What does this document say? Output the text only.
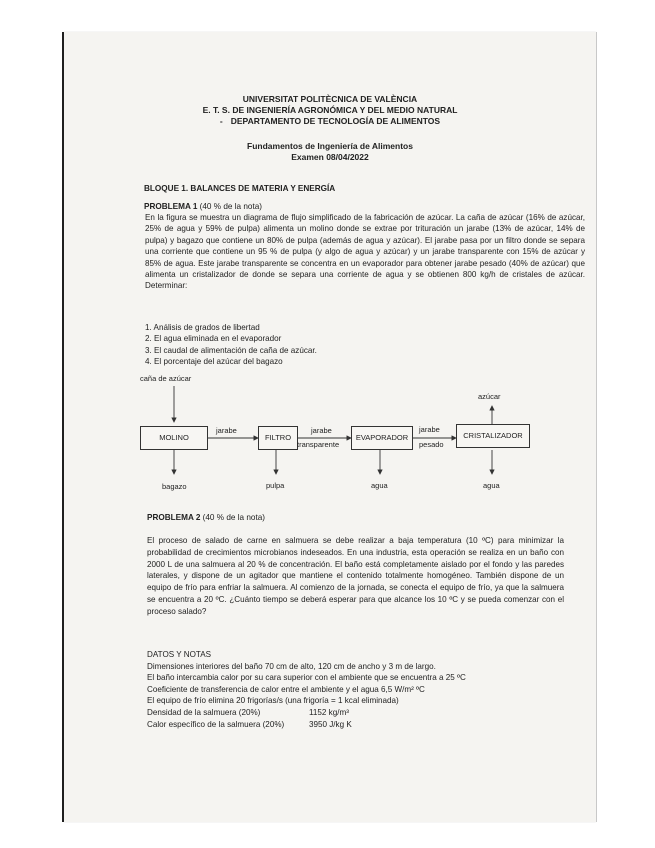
UNIVERSITAT POLITÈCNICA DE VALÈNCIA
E. T. S. DE INGENIERÍA AGRONÓMICA Y DEL MEDIO NATURAL
- DEPARTAMENTO DE TECNOLOGÍA DE ALIMENTOS
Fundamentos de Ingeniería de Alimentos
Examen 08/04/2022
BLOQUE 1. BALANCES DE MATERIA Y ENERGÍA
PROBLEMA 1 (40 % de la nota)
En la figura se muestra un diagrama de flujo simplificado de la fabricación de azúcar. La caña de azúcar (16% de azúcar, 25% de agua y 59% de pulpa) alimenta un molino donde se extrae por trituración un jarabe (13% de azúcar, 14% de pulpa) y bagazo que contiene un 80% de pulpa (además de agua y azúcar). El jarabe pasa por un filtro donde se separa una corriente que contiene un 95 % de pulpa (y algo de agua y azúcar) y un jarabe transparente con 15% de azúcar y 85% de agua. Este jarabe transparente se concentra en un evaporador para obtener jarabe pesado (40% de azúcar) que alimenta un cristalizador de donde se separa una corriente de agua y se obtienen 800 kg/h de cristales de azúcar. Determinar:
1. Análisis de grados de libertad
2. El agua eliminada en el evaporador
3. El caudal de alimentación de caña de azúcar.
4. El porcentaje del azúcar del bagazo
caña de azúcar
MOLINO	FILTRO	EVAPORADOR	CRISTALIZADOR
jarabe	jarabe
transparente
jarabe
pesado
azúcar
bagazo	pulpa	agua	agua
PROBLEMA 2 (40 % de la nota)
El proceso de salado de carne en salmuera se debe realizar a baja temperatura (10 ºC) para minimizar la probabilidad de crecimientos microbianos indeseados. En una industria, esta operación se realiza en un baño con 2000 L de una salmuera al 20 % de concentración. El baño está completamente aislado por el fondo y las paredes laterales, y dispone de un agitador que mantiene el contenido totalmente homogéneo. También dispone de un equipo de frío para enfriar la salmuera. Al comienzo de la jornada, se conecta el equipo de frío, ya que la salmuera se encuentra a 20 ºC. ¿Cuánto tiempo se deberá esperar para que alcance los 10 ºC y se pueda comenzar con el proceso salado?
DATOS Y NOTAS
Dimensiones interiores del baño 70 cm de alto, 120 cm de ancho y 3 m de largo.
El baño intercambia calor por su cara superior con el ambiente que se encuentra a 25 ºC
Coeficiente de transferencia de calor entre el ambiente y el agua 6,5 W/m² ºC
El equipo de frío elimina 20 frigorías/s (una frigoría = 1 kcal eliminada)
Densidad de la salmuera (20%)	1152 kg/m³
Calor específico de la salmuera (20%)	3950 J/kg K
